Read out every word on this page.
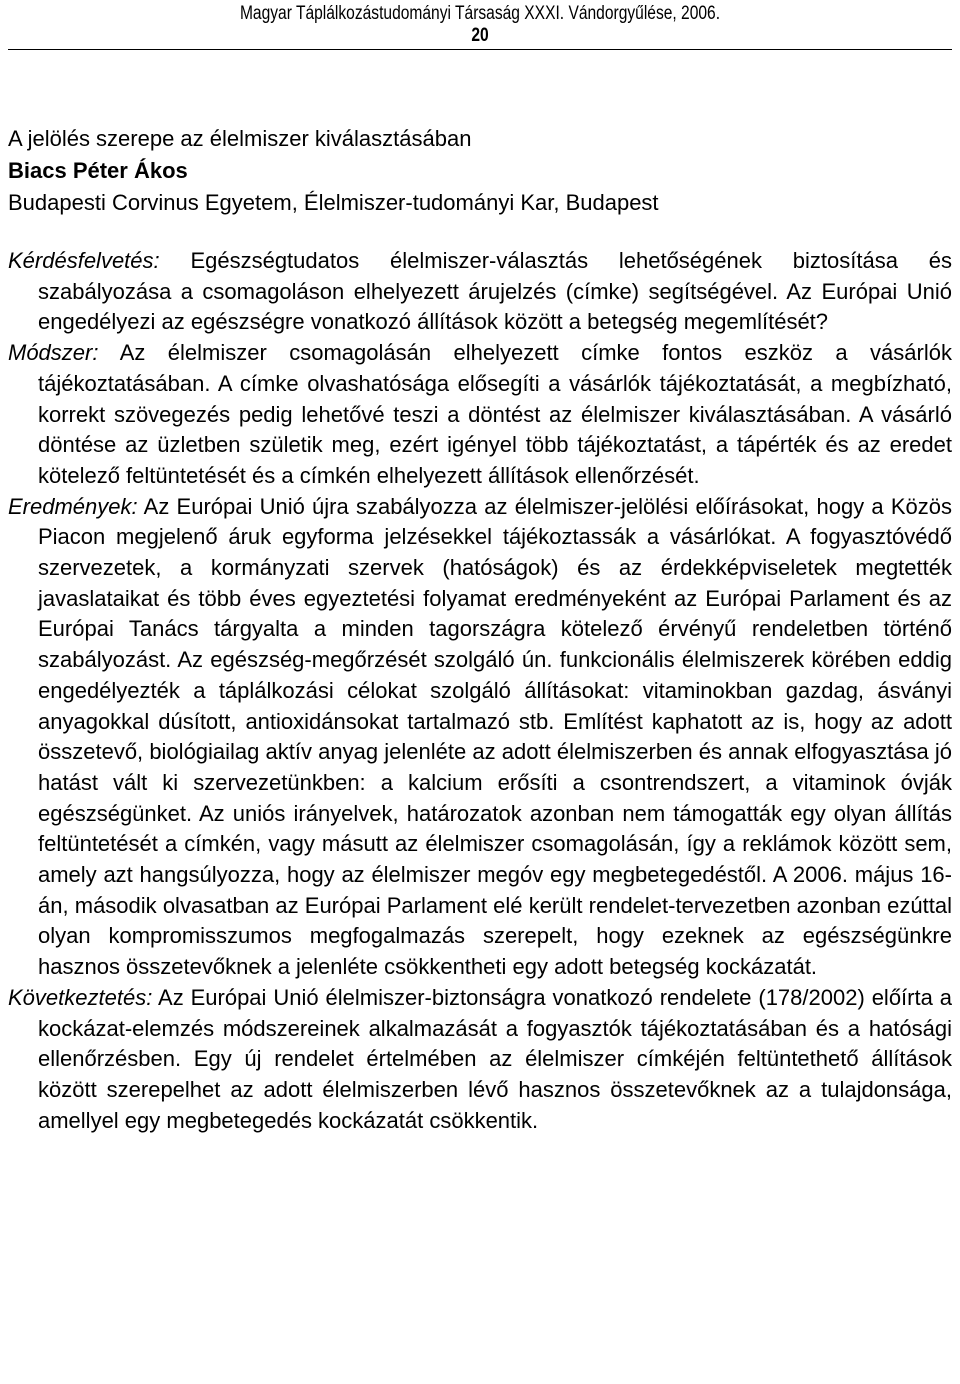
Magyar Táplálkozástudományi Társaság XXXI. Vándorgyűlése, 2006.
20
A jelölés szerepe az élelmiszer kiválasztásában
Biacs Péter Ákos
Budapesti Corvinus Egyetem, Élelmiszer-tudományi Kar, Budapest

Kérdésfelvetés: Egészségtudatos élelmiszer-választás lehetőségének biztosítása és szabályozása a csomagoláson elhelyezett árujelzés (címke) segítségével. Az Európai Unió engedélyezi az egészségre vonatkozó állítások között a betegség megemlítését?

Módszer: Az élelmiszer csomagolásán elhelyezett címke fontos eszköz a vásárlók tájékoztatásában. A címke olvashatósága elősegíti a vásárlók tájékoztatását, a megbízható, korrekt szövegezés pedig lehetővé teszi a döntést az élelmiszer kiválasztásában. A vásárló döntése az üzletben születik meg, ezért igényel több tájékoztatást, a tápérték és az eredet kötelező feltüntetését és a címkén elhelyezett állítások ellenőrzését.

Eredmények: Az Európai Unió újra szabályozza az élelmiszer-jelölési előírásokat, hogy a Közös Piacon megjelenő áruk egyforma jelzésekkel tájékoztassák a vásárlókat. A fogyasztóvédő szervezetek, a kormányzati szervek (hatóságok) és az érdekképviseletek megtették javaslataikat és több éves egyeztetési folyamat eredményeként az Európai Parlament és az Európai Tanács tárgyalta a minden tagországra kötelező érvényű rendeletben történő szabályozást. Az egészség-megőrzését szolgáló ún. funkcionális élelmiszerek körében eddig engedélyezték a táplálkozási célokat szolgáló állításokat: vitaminokban gazdag, ásványi anyagokkal dúsított, antioxidánsokat tartalmazó stb. Említést kaphatott az is, hogy az adott összetevő, biológiailag aktív anyag jelenléte az adott élelmiszerben és annak elfogyasztása jó hatást vált ki szervezetünkben: a kalcium erősíti a csontrendszert, a vitaminok óvják egészségünket. Az uniós irányelvek, határozatok azonban nem támogatták egy olyan állítás feltüntetését a címkén, vagy másutt az élelmiszer csomagolásán, így a reklámok között sem, amely azt hangsúlyozza, hogy az élelmiszer megóv egy megbetegedéstől. A 2006. május 16-án, második olvasatban az Európai Parlament elé került rendelet-tervezetben azonban ezúttal olyan kompromisszumos megfogalmazás szerepelt, hogy ezeknek az egészségünkre hasznos összetevőknek a jelenléte csökkentheti egy adott betegség kockázatát.

Következtetés: Az Európai Unió élelmiszer-biztonságra vonatkozó rendelete (178/2002) előírta a kockázat-elemzés módszereinek alkalmazását a fogyasztók tájékoztatásában és a hatósági ellenőrzésben. Egy új rendelet értelmében az élelmiszer címkéjén feltüntethető állítások között szerepelhet az adott élelmiszerben lévő hasznos összetevőknek az a tulajdonsága, amellyel egy megbetegedés kockázatát csökkentik.
